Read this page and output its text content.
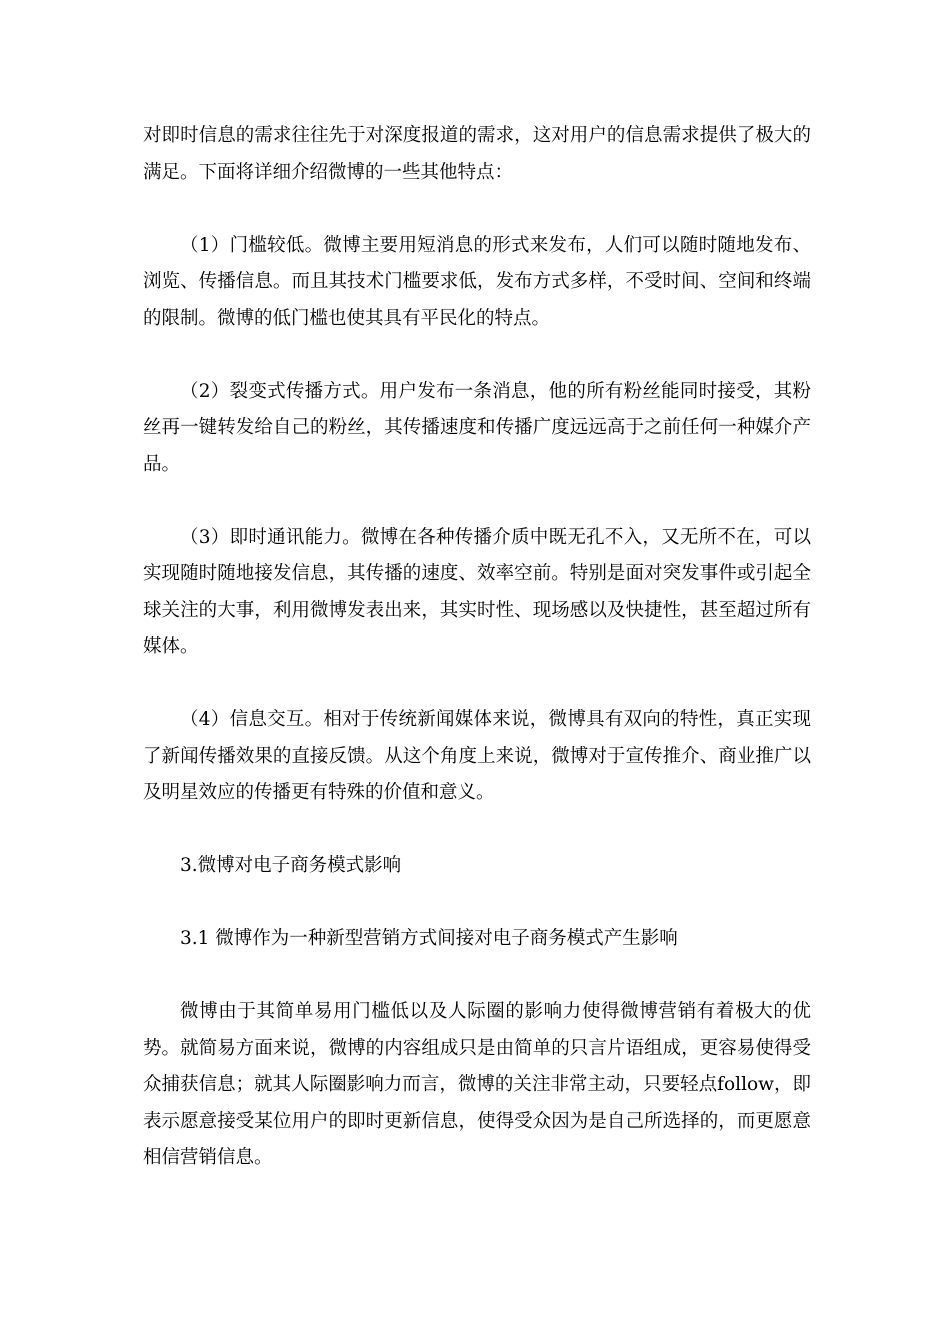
对即时信息的需求往往先于对深度报道的需求，这对用户的信息需求提供了极大的满足。下面将详细介绍微博的一些其他特点：

（1）门槛较低。微博主要用短消息的形式来发布，人们可以随时随地发布、浏览、传播信息。而且其技术门槛要求低，发布方式多样，不受时间、空间和终端的限制。微博的低门槛也使其具有平民化的特点。

（2）裂变式传播方式。用户发布一条消息，他的所有粉丝能同时接受，其粉丝再一键转发给自己的粉丝，其传播速度和传播广度远远高于之前任何一种媒介产品。

（3）即时通讯能力。微博在各种传播介质中既无孔不入，又无所不在，可以实现随时随地接发信息，其传播的速度、效率空前。特别是面对突发事件或引起全球关注的大事，利用微博发表出来，其实时性、现场感以及快捷性，甚至超过所有媒体。

（4）信息交互。相对于传统新闻媒体来说，微博具有双向的特性，真正实现了新闻传播效果的直接反馈。从这个角度上来说，微博对于宣传推介、商业推广以及明星效应的传播更有特殊的价值和意义。

3.微博对电子商务模式影响

3.1 微博作为一种新型营销方式间接对电子商务模式产生影响

微博由于其简单易用门槛低以及人际圈的影响力使得微博营销有着极大的优势。就简易方面来说，微博的内容组成只是由简单的只言片语组成，更容易使得受众捕获信息；就其人际圈影响力而言，微博的关注非常主动，只要轻点follow，即表示愿意接受某位用户的即时更新信息，使得受众因为是自己所选择的，而更愿意相信营销信息。
